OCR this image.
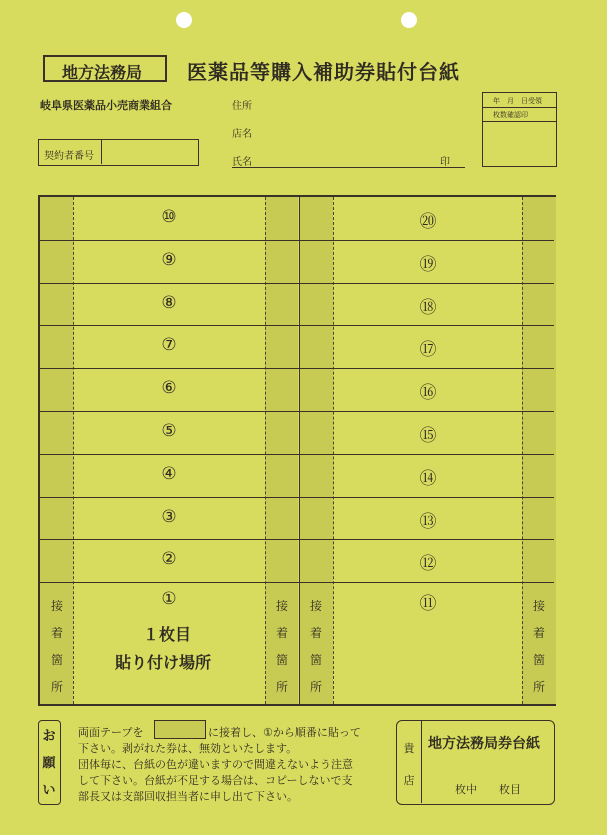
地方法務局 医薬品等購入補助券貼付台紙
岐阜県医薬品小売商業組合
契約者番号
住所
店名
氏名	印
年　月　日受領
枚数確認印
⑩
⑨
⑧
⑦
⑥
⑤
④
③
②
①
⑳
⑲
⑱
⑰
⑯
⑮
⑭
⑬
⑫
⑪
１枚目
貼り付け場所
接
着
箇
所
接
着
箇
所
接
着
箇
所
接
着
箇
所
お
願
い
両面テープを	に接着し、①から順番に貼って
下さい。剥がれた券は、無効といたします。
団体毎に、台紙の色が違いますので間違えないよう注意
して下さい。台紙が不足する場合は、コピーしないで支
部長又は支部回収担当者に申し出て下さい。
貴
店
地方法務局券台紙
枚中　　枚目
